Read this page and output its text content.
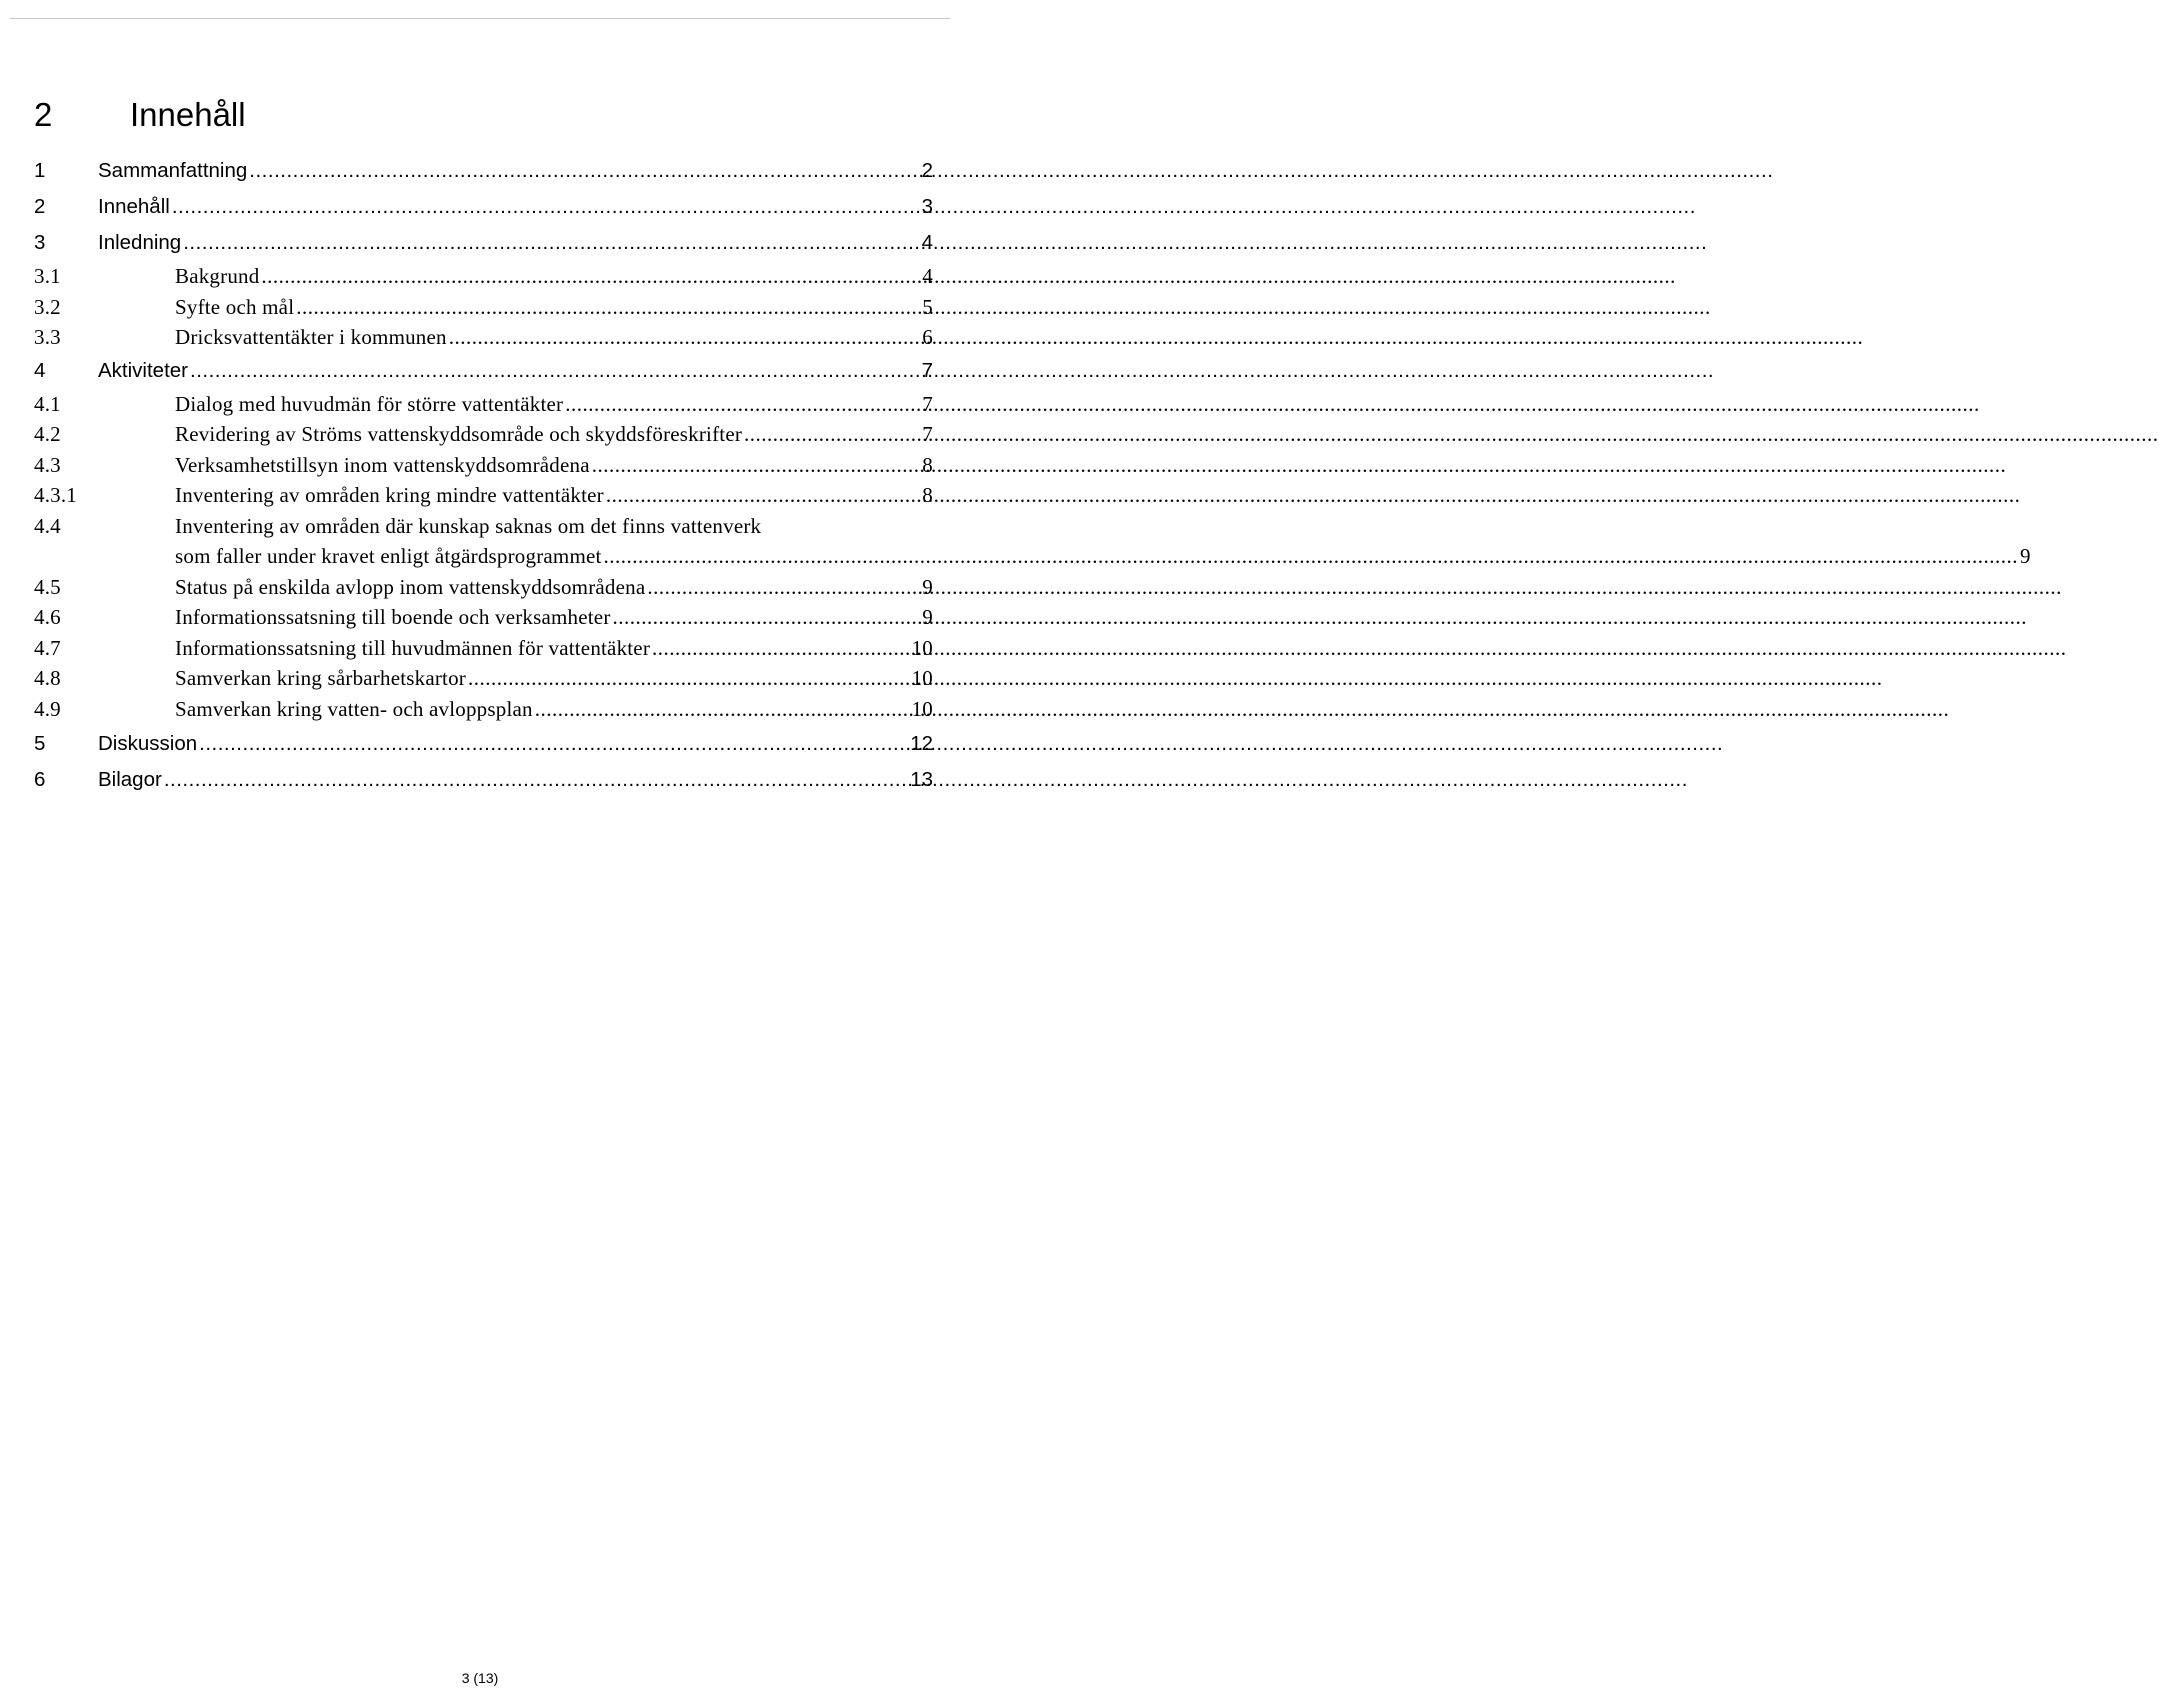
2 Innehåll
1	Sammanfattning .....	2
2	Innehåll .....	3
3	Inledning .....	4
3.1	Bakgrund .....	4
3.2	Syfte och mål .....	5
3.3	Dricksvattentäkter i kommunen .....	6
4	Aktiviteter .....	7
4.1	Dialog med huvudmän för större vattentäkter .....	7
4.2	Revidering av Ströms vattenskyddsområde och skyddsföreskrifter .....	7
4.3	Verksamhetstillsyn inom vattenskyddsområdena .....	8
4.3.1	Inventering av områden kring mindre vattentäkter .....	8
4.4	Inventering av områden där kunskap saknas om det finns vattenverk
som faller under kravet enligt åtgärdsprogrammet .....	9
4.5	Status på enskilda avlopp inom vattenskyddsområdena .....	9
4.6	Informationssatsning till boende och verksamheter .....	9
4.7	Informationssatsning till huvudmännen för vattentäkter .....	10
4.8	Samverkan kring sårbarhetskartor .....	10
4.9	Samverkan kring vatten- och avloppsplan .....	10
5	Diskussion .....	12
6	Bilagor .....	13
3 (13)
